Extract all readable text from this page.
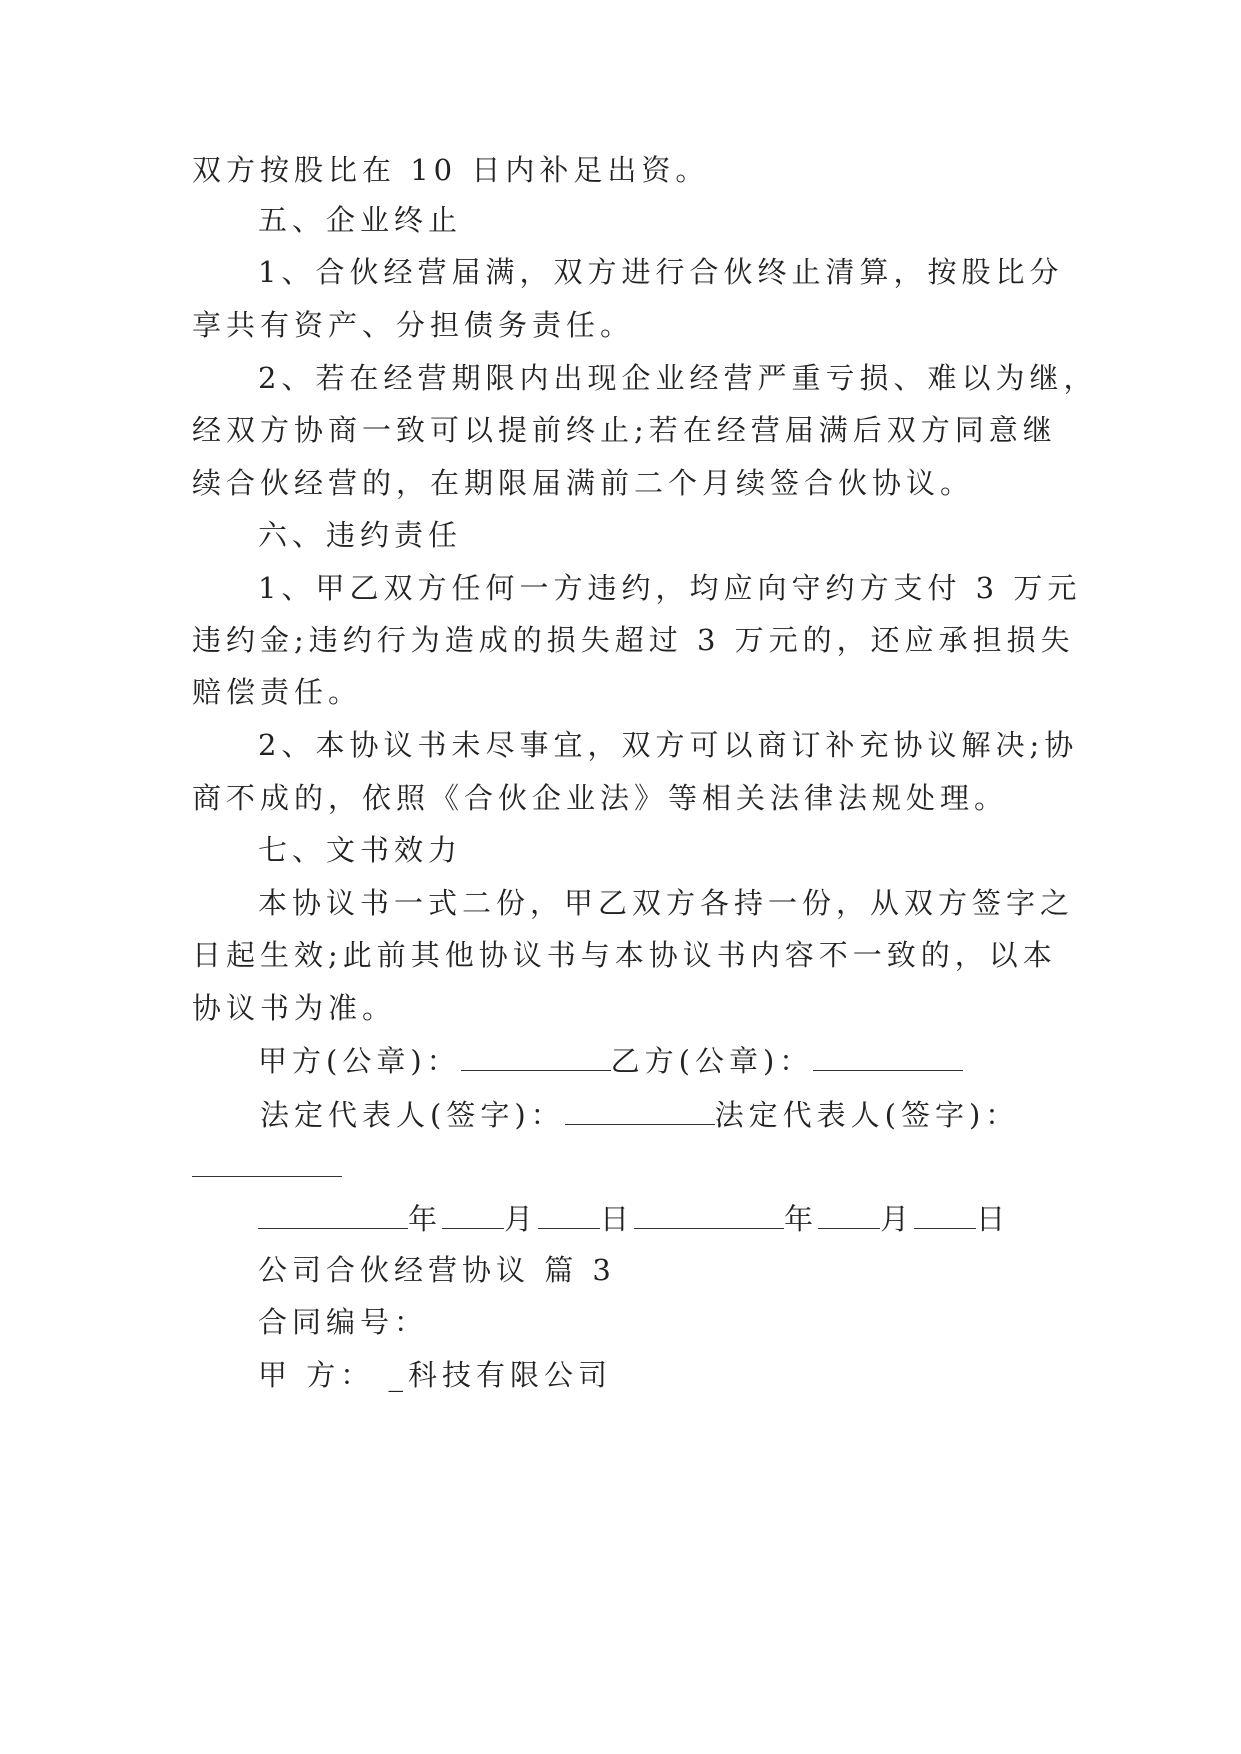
双方按股比在 10 日内补足出资。
五、企业终止
1、合伙经营届满，双方进行合伙终止清算，按股比分
享共有资产、分担债务责任。
2、若在经营期限内出现企业经营严重亏损、难以为继，
经双方协商一致可以提前终止;若在经营届满后双方同意继
续合伙经营的，在期限届满前二个月续签合伙协议。
六、违约责任
1、甲乙双方任何一方违约，均应向守约方支付 3 万元
违约金;违约行为造成的损失超过 3 万元的，还应承担损失
赔偿责任。
2、本协议书未尽事宜，双方可以商订补充协议解决;协
商不成的，依照《合伙企业法》等相关法律法规处理。
七、文书效力
本协议书一式二份，甲乙双方各持一份，从双方签字之
日起生效;此前其他协议书与本协议书内容不一致的，以本
协议书为准。
甲方(公章)：	乙方(公章)：
法定代表人(签字)：	法定代表人(签字)：
年 月 日	年 月 日
公司合伙经营协议 篇 3
合同编号：
甲 方： _科技有限公司
